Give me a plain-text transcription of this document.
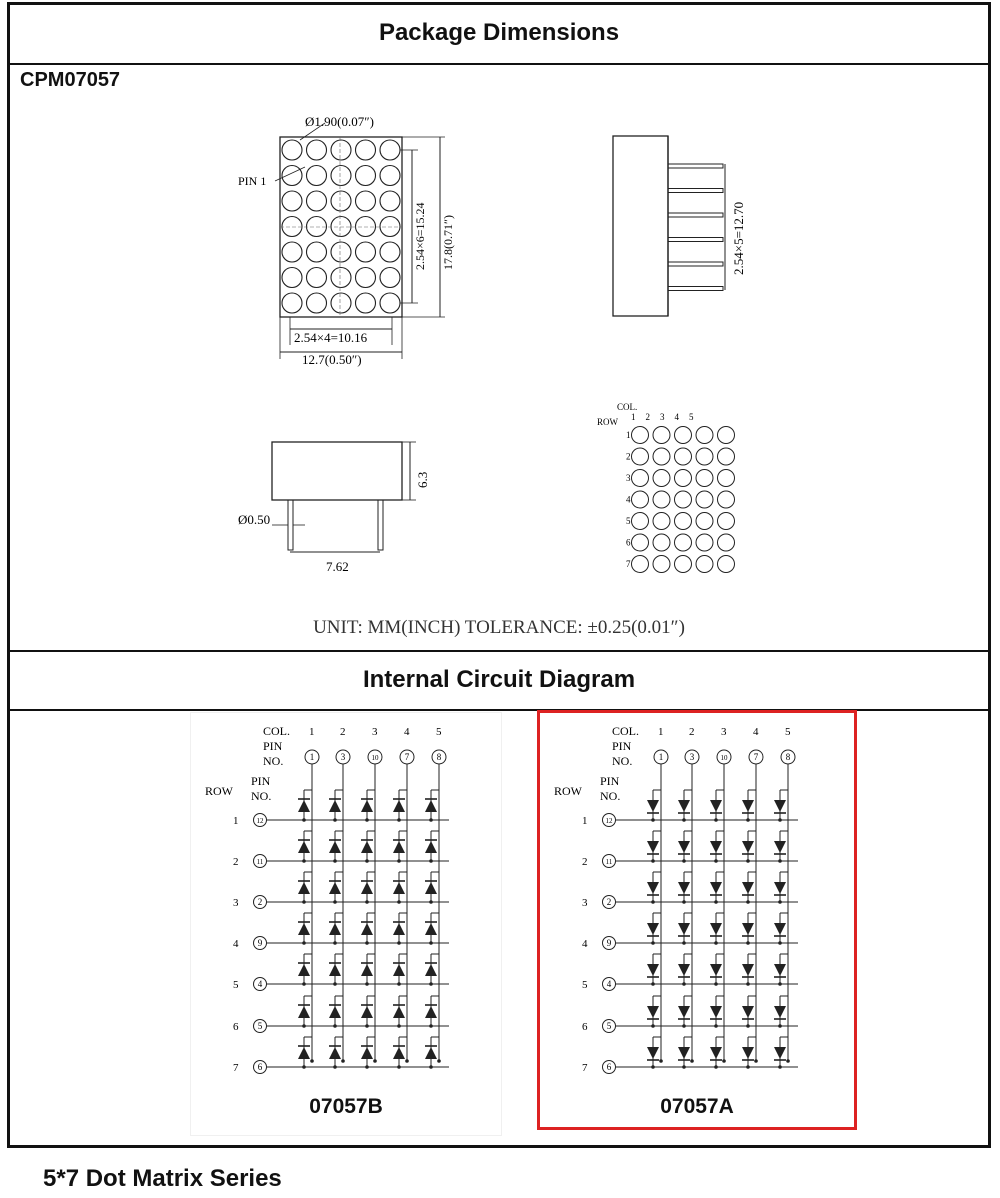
Package Dimensions
CPM07057
Ø1.90(0.07″)
PIN 1
2.54×6=15.24 17.8(0.71″)
2.54×4=10.16
12.7(0.50″)
2.54×5=12.70
6.3
Ø0.50
7.62
COL.
ROW 1 2 3 4 5
1
2
3
4
5
6
7
UNIT: MM(INCH) TOLERANCE: ±0.25(0.01″)
Internal Circuit Diagram
COL.
PIN
NO.
ROW
PIN
NO.
1
1
2
3
3
10
4
7
5
8
1	12
2	11
3 2
4 9
5 4
6 5
7 6
07057B
COL.
PIN
NO.
ROW
PIN
NO.
1
1
2
3
3
10
4
7
5
8
1	12
2	11
3 2
4 9
5 4
6 5
7 6
07057A
5*7 Dot Matrix Series
